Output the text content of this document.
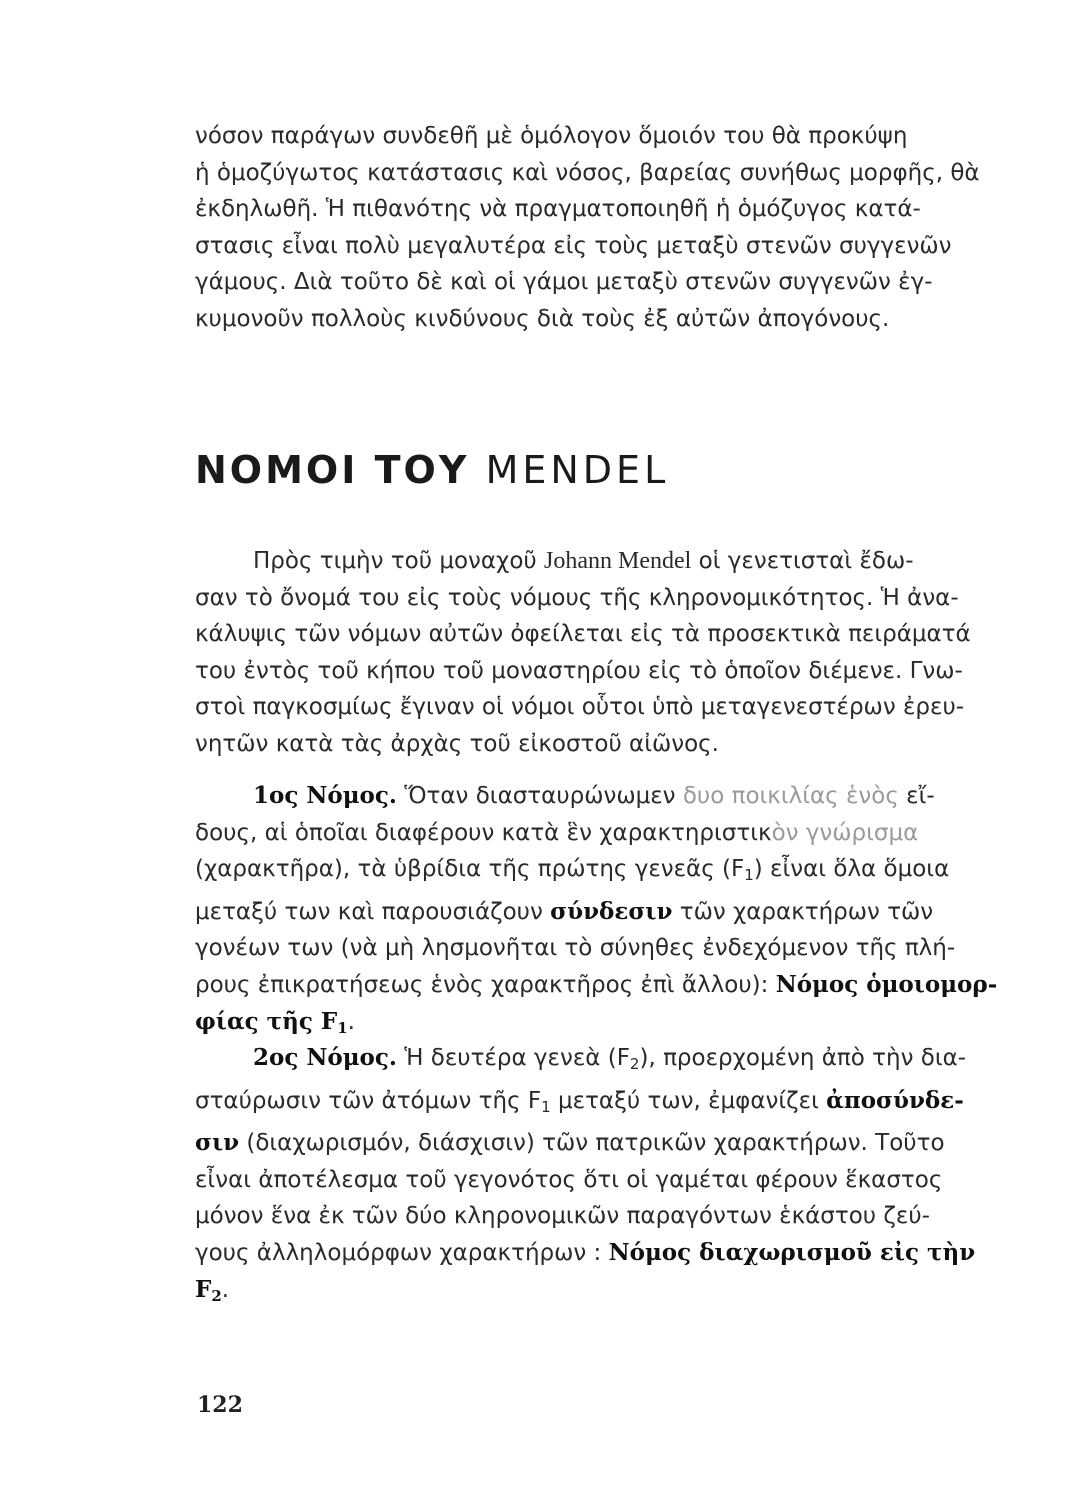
νόσον παράγων συνδεθῆ μὲ ὁμόλογον ὅμοιόν του θὰ προκύψη
ἡ ὁμοζύγωτος κατάστασις καὶ νόσος, βαρείας συνήθως μορφῆς, θὰ
ἐκδηλωθῆ. Ἡ πιθανότης νὰ πραγματοποιηθῆ ἡ ὁμόζυγος κατά-
στασις εἶναι πολὺ μεγαλυτέρα εἰς τοὺς μεταξὺ στενῶν συγγενῶν
γάμους. Διὰ τοῦτο δὲ καὶ οἱ γάμοι μεταξὺ στενῶν συγγενῶν ἐγ-
κυμονοῦν πολλοὺς κινδύνους διὰ τοὺς ἐξ αὐτῶν ἀπογόνους.
ΝΟΜΟΙ ΤΟΥ MENDEL
Πρὸς τιμὴν τοῦ μοναχοῦ Johann Mendel οἱ γενετισταὶ ἔδω-
σαν τὸ ὄνομά του εἰς τοὺς νόμους τῆς κληρονομικότητος. Ἡ ἀνα-
κάλυψις τῶν νόμων αὐτῶν ὀφείλεται εἰς τὰ προσεκτικὰ πειράματά
του ἐντὸς τοῦ κήπου τοῦ μοναστηρίου εἰς τὸ ὁποῖον διέμενε. Γνω-
στοὶ παγκοσμίως ἔγιναν οἱ νόμοι οὗτοι ὑπὸ μεταγενεστέρων ἐρευ-
νητῶν κατὰ τὰς ἀρχὰς τοῦ εἰκοστοῦ αἰῶνος.
1ος Νόμος. Ὅταν διασταυρώνωμεν δυο ποικιλίας ἑνὸς εἴ-
δους, αἱ ὁποῖαι διαφέρουν κατὰ ἓν χαρακτηριστικὸν γνώρισμα
(χαρακτῆρα), τὰ ὑβρίδια τῆς πρώτης γενεᾶς $(F_1)$ εἶναι ὅλα ὅμοια
μεταξύ των καὶ παρουσιάζουν σύνδεσιν τῶν χαρακτήρων τῶν
γονέων των (νὰ μὴ λησμονῆται τὸ σύνηθες ἐνδεχόμενον τῆς πλή-
ρους ἐπικρατήσεως ἑνὸς χαρακτῆρος ἐπὶ ἄλλου): Νόμος ὁμοιομορ-
φίας τῆς $F_1$.
2ος Νόμος. Ἡ δευτέρα γενεὰ $(F_2)$, προερχομένη ἀπὸ τὴν δια-
σταύρωσιν τῶν ἀτόμων τῆς $F_1$ μεταξύ των, ἐμφανίζει ἀποσύνδε-
σιν (διαχωρισμόν, διάσχισιν) τῶν πατρικῶν χαρακτήρων. Τοῦτο
εἶναι ἀποτέλεσμα τοῦ γεγονότος ὅτι οἱ γαμέται φέρουν ἕκαστος
μόνον ἕνα ἐκ τῶν δύο κληρονομικῶν παραγόντων ἑκάστου ζεύ-
γους ἀλληλομόρφων χαρακτήρων : Νόμος διαχωρισμοῦ εἰς τὴν
$F_2$.
122
